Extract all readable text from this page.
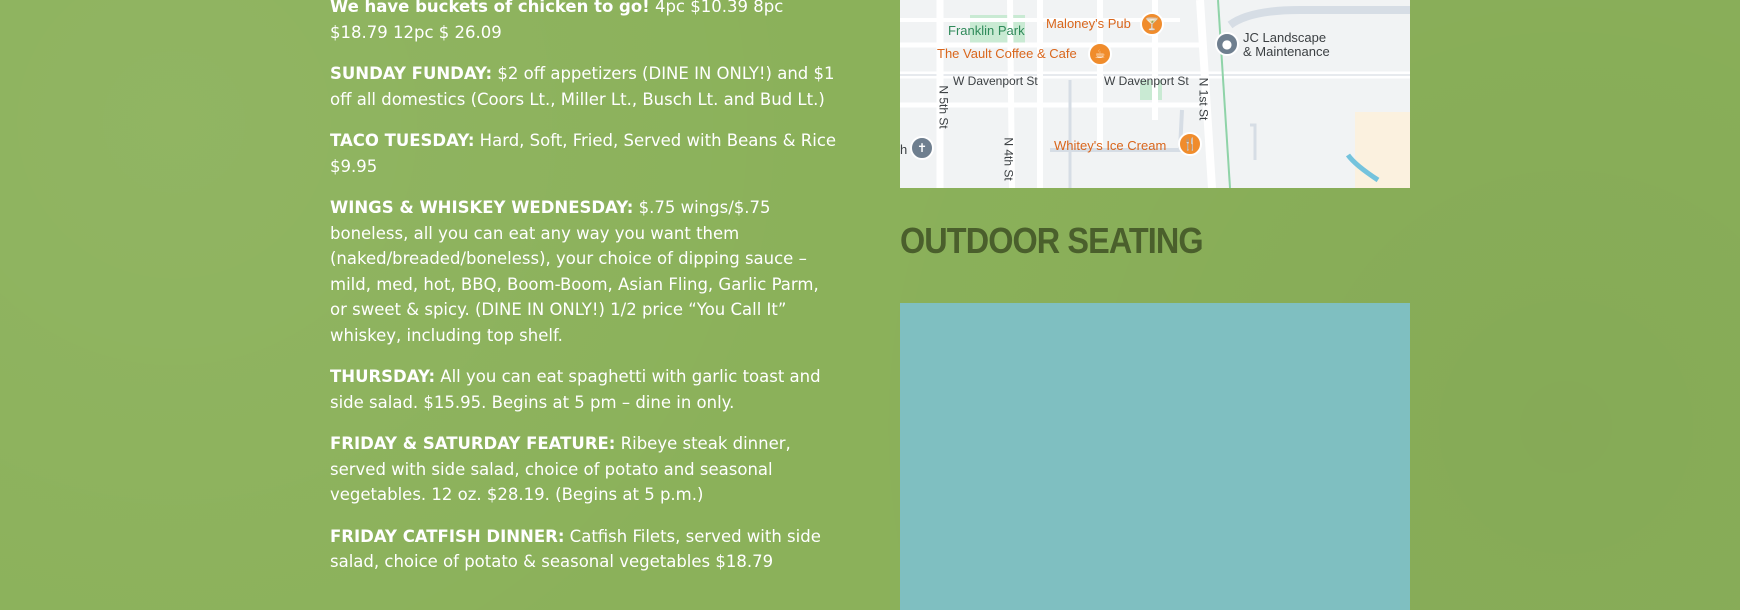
We have buckets of chicken to go! 4pc $10.39 8pc $18.79 12pc $ 26.09

SUNDAY FUNDAY: $2 off appetizers (DINE IN ONLY!) and $1 off all domestics (Coors Lt., Miller Lt., Busch Lt. and Bud Lt.)

TACO TUESDAY: Hard, Soft, Fried, Served with Beans & Rice $9.95

WINGS & WHISKEY WEDNESDAY: $.75 wings/$.75 boneless, all you can eat any way you want them (naked/breaded/boneless), your choice of dipping sauce – mild, med, hot, BBQ, Boom-Boom, Asian Fling, Garlic Parm, or sweet & spicy. (DINE IN ONLY!) 1/2 price “You Call It” whiskey, including top shelf.

THURSDAY: All you can eat spaghetti with garlic toast and side salad. $15.95. Begins at 5 pm – dine in only.

FRIDAY & SATURDAY FEATURE: Ribeye steak dinner, served with side salad, choice of potato and seasonal vegetables. 12 oz. $28.19. (Begins at 5 p.m.)

FRIDAY CATFISH DINNER: Catfish Filets, served with side salad, choice of potato & seasonal vegetables $18.79

Franklin Park Maloney's Pub	🍸
The Vault Coffee & Cafe	☕
● JC Landscape
& Maintenance
W Davenport St	W Davenport St
N 5th St
N 4th St
N 1st St
Whitey's Ice Cream	🍴
✝
h
OUTDOOR SEATING
